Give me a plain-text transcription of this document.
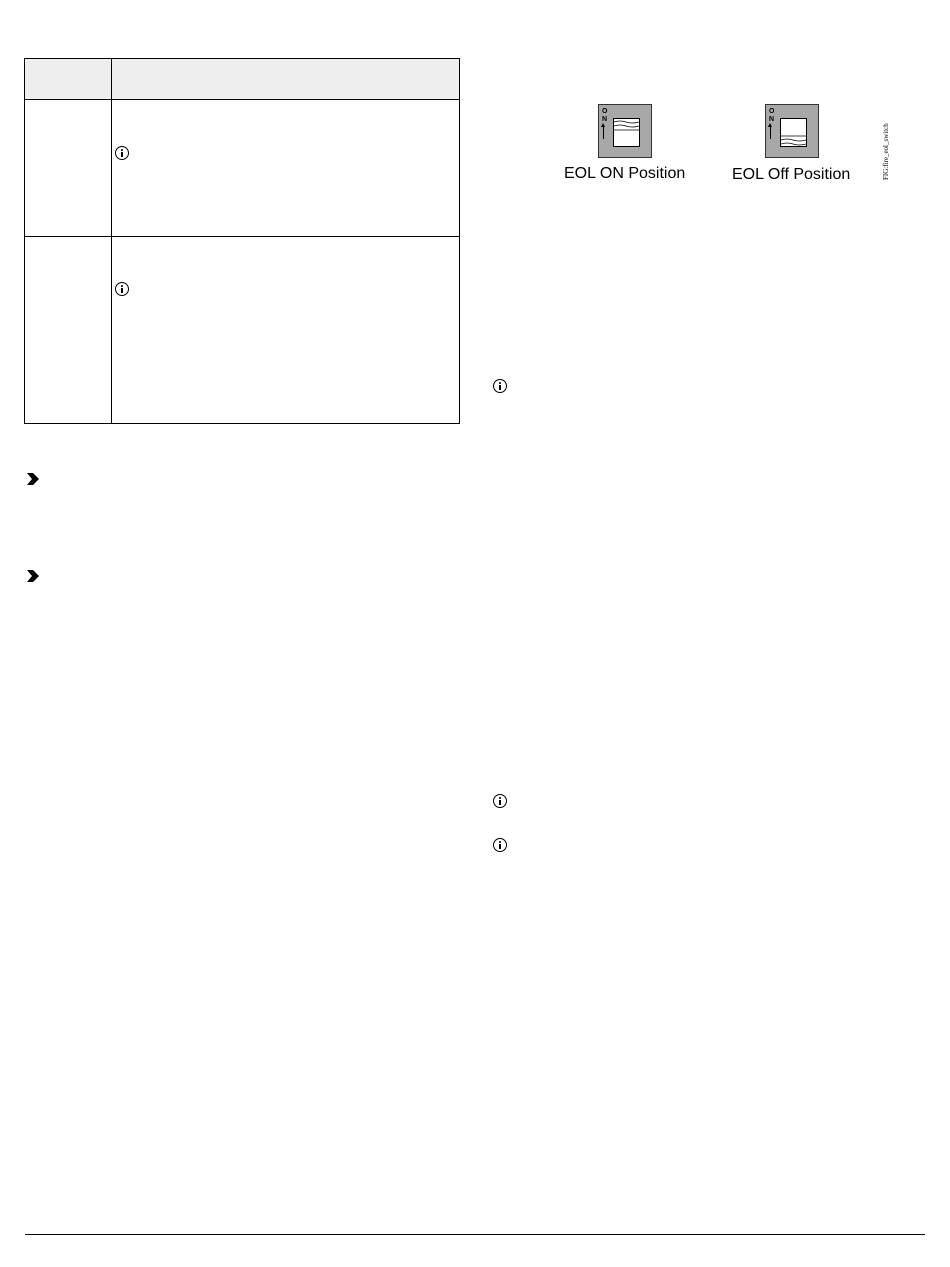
O
N
EOL ON Position
O
N
EOL Off Position	FIG:fire_eol_switch
